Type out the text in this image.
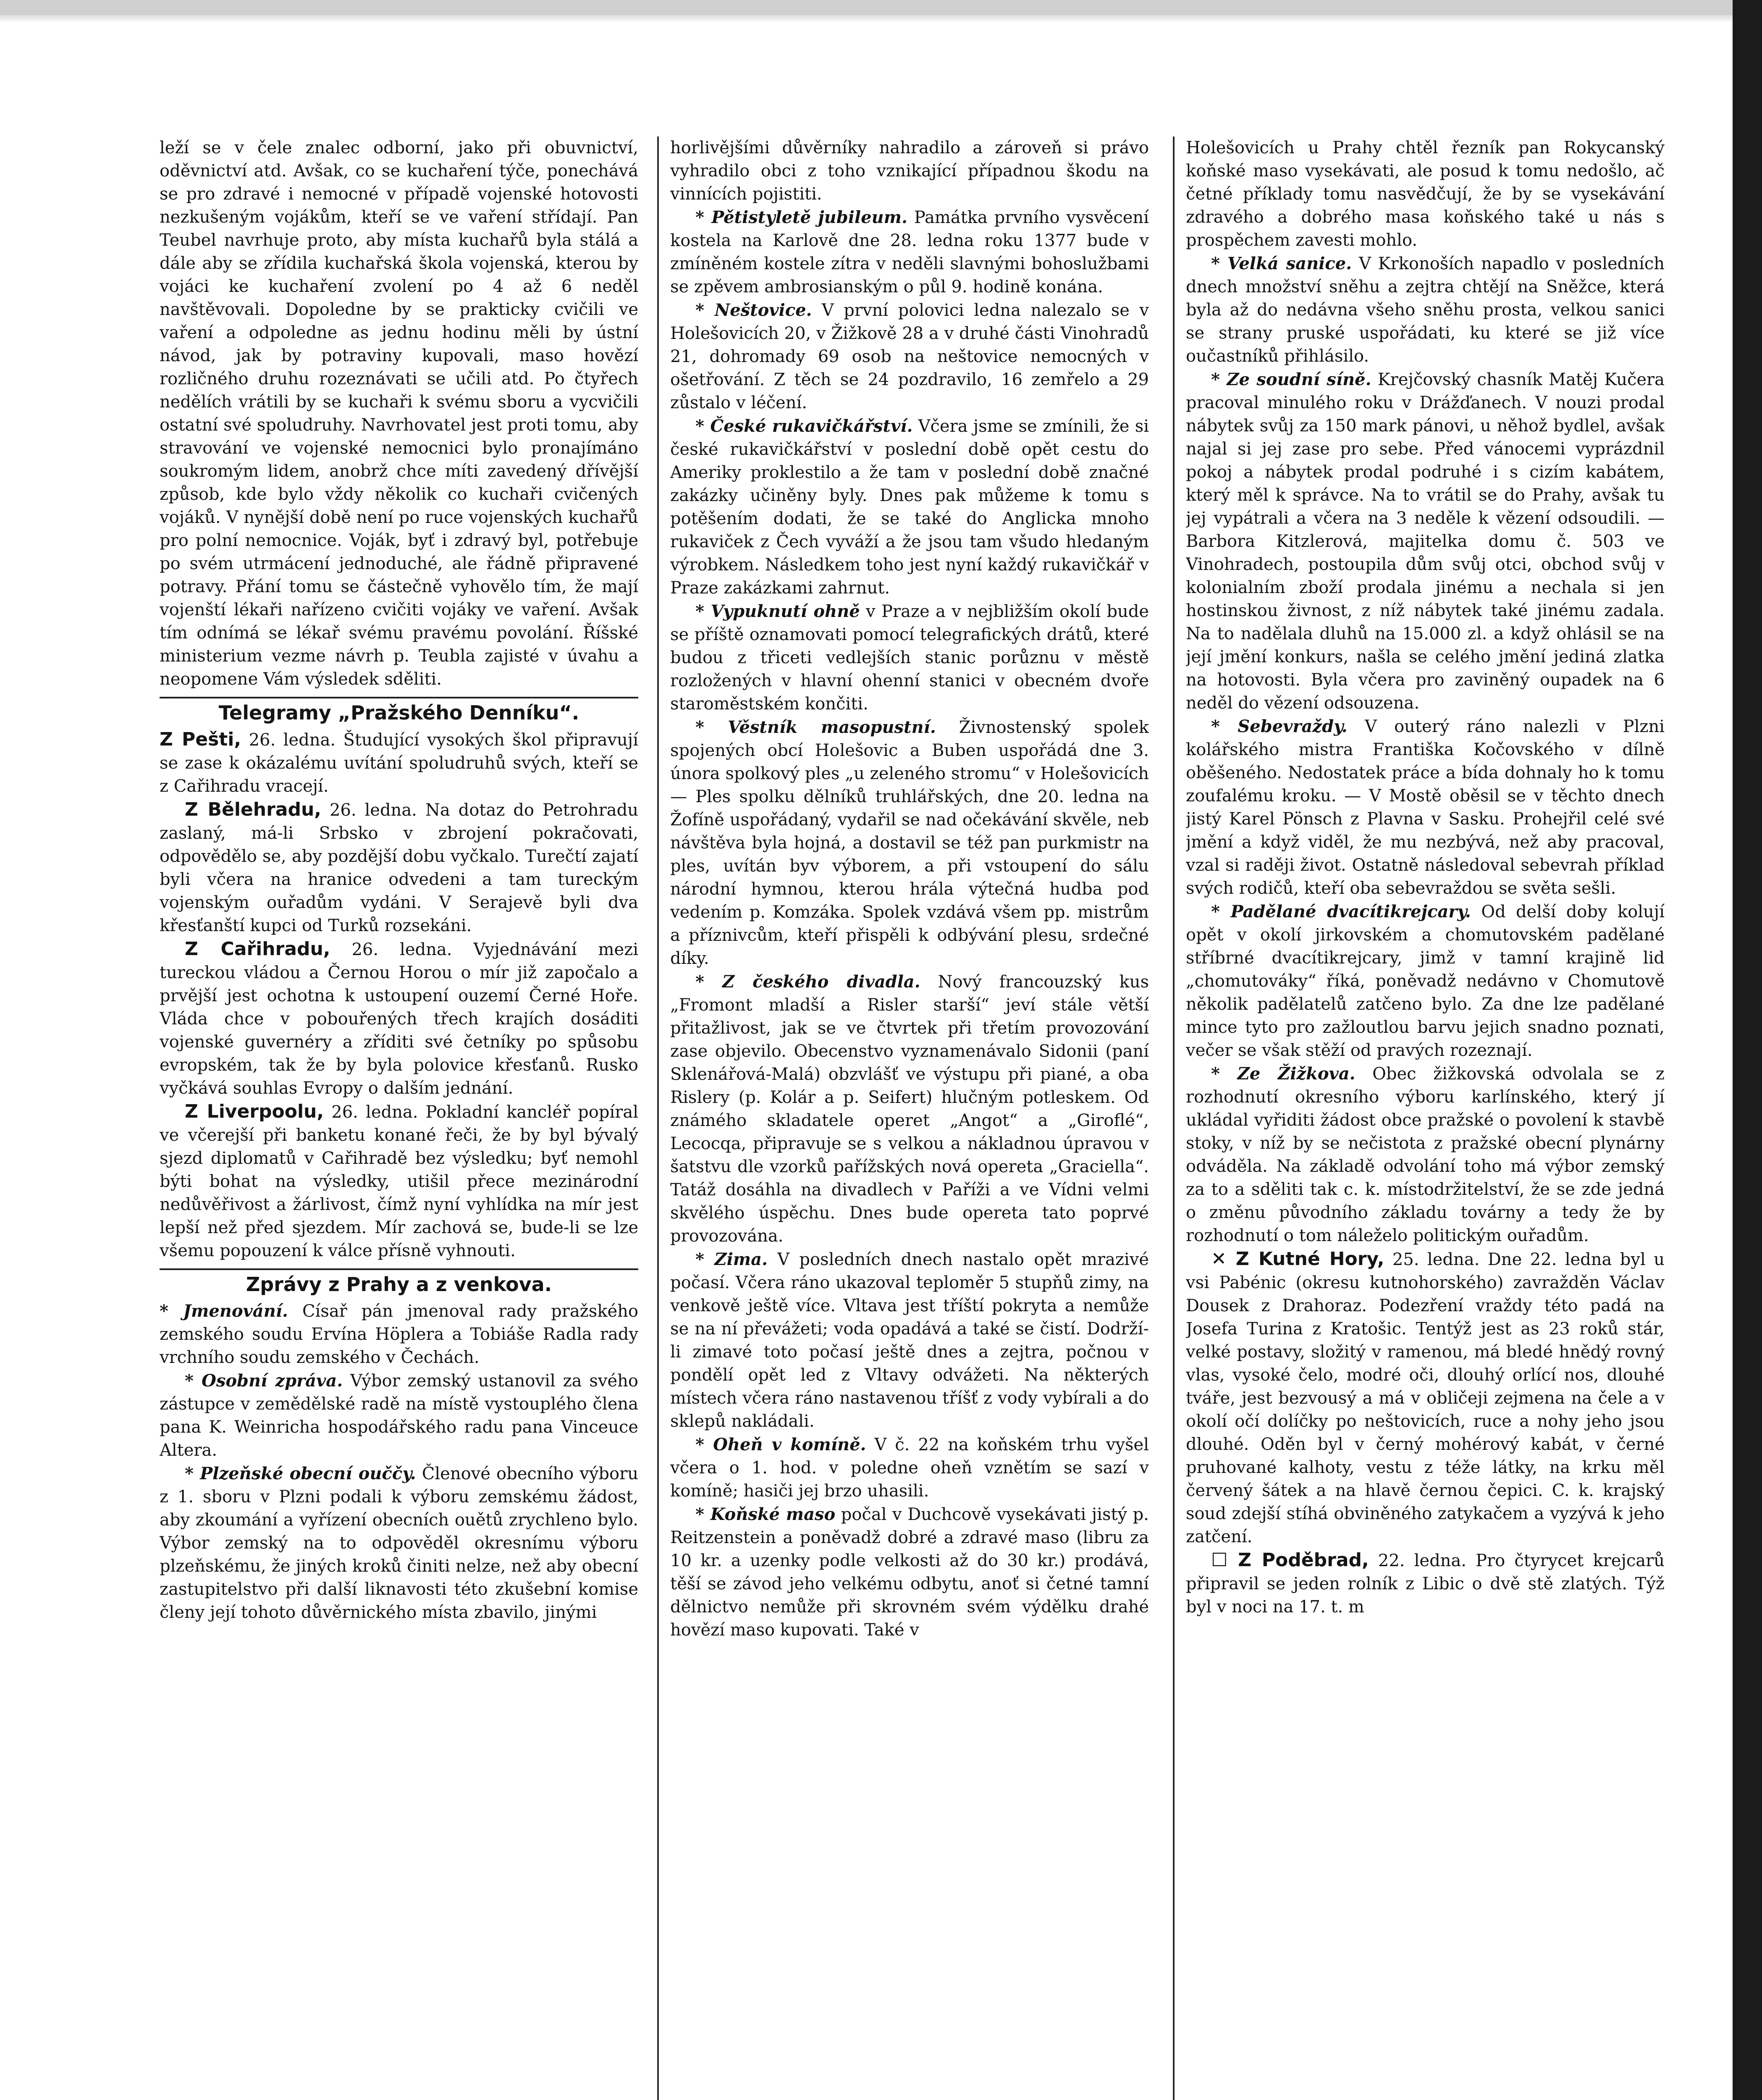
leží se v čele znalec odborní, jako při obuvnictví, oděvnictví atd. Avšak, co se kuchaření týče, ponechává se pro zdravé i nemocné v případě vojenské hotovosti nezkušeným vojákům, kteří se ve vaření střídají. Pan Teubel navrhuje proto, aby místa kuchařů byla stálá a dále aby se zřídila kuchařská škola vojenská, kterou by vojáci ke kuchaření zvolení po 4 až 6 neděl navštěvovali. Dopoledne by se prakticky cvičili ve vaření a odpoledne as jednu hodinu měli by ústní návod, jak by potraviny kupovali, maso hovězí rozličného druhu rozeznávati se učili atd. Po čtyřech nedělích vrátili by se kuchaři k svému sboru a vycvičili ostatní své spoludruhy. Navrhovatel jest proti tomu, aby stravování ve vojenské nemocnici bylo pronajímáno soukromým lidem, anobrž chce míti zavedený dřívější způsob, kde bylo vždy několik co kuchaři cvičených vojáků. V nynější době není po ruce vojenských kuchařů pro polní nemocnice. Voják, byť i zdravý byl, potřebuje po svém utrmácení jednoduché, ale řádně připravené potravy. Přání tomu se částečně vyhovělo tím, že mají vojenští lékaři nařízeno cvičiti vojáky ve vaření. Avšak tím odnímá se lékař svému pravému povolání. Říšské ministerium vezme návrh p. Teubla zajisté v úvahu a neopomene Vám výsledek sděliti.

Telegramy „Pražského Denníku“.

Z Pešti, 26. ledna. Študující vysokých škol připravují se zase k okázalému uvítání spoludruhů svých, kteří se z Cařihradu vracejí.

Z Bělehradu, 26. ledna. Na dotaz do Petrohradu zaslaný, má-li Srbsko v zbrojení pokračovati, odpovědělo se, aby pozdější dobu vyčkalo. Turečtí zajatí byli včera na hranice odvedeni a tam tureckým vojenským ouřadům vydáni. V Serajevě byli dva křesťanští kupci od Turků rozsekáni.

Z Cařihradu, 26. ledna. Vyjednávání mezi tureckou vládou a Černou Horou o mír již započalo a prvější jest ochotna k ustoupení ouzemí Černé Hoře. Vláda chce v pobouřených třech krajích dosáditi vojenské guvernéry a zříditi své četníky po spůsobu evropském, tak že by byla polovice křesťanů. Rusko vyčkává souhlas Evropy o dalším jednání.

Z Liverpoolu, 26. ledna. Pokladní kancléř popíral ve včerejší při banketu konané řeči, že by byl bývalý sjezd diplomatů v Cařihradě bez výsledku; byť nemohl býti bohat na výsledky, utišil přece mezinárodní nedůvěřivost a žárlivost, čímž nyní vyhlídka na mír jest lepší než před sjezdem. Mír zachová se, bude-li se lze všemu popouzení k válce přísně vyhnouti.

Zprávy z Prahy a z venkova.

* Jmenování. Císař pán jmenoval rady pražského zemského soudu Ervína Höplera a Tobiáše Radla rady vrchního soudu zemského v Čechách.

* Osobní zpráva. Výbor zemský ustanovil za svého zástupce v zemědělské radě na místě vystouplého člena pana K. Weinricha hospodářského radu pana Vinceuce Altera.

* Plzeňské obecní ouččy. Členové obecního výboru z 1. sboru v Plzni podali k výboru zemskému žádost, aby zkoumání a vyřízení obecních ouětů zrychleno bylo. Výbor zemský na to odpověděl okresnímu výboru plzeňskému, že jiných kroků činiti nelze, než aby obecní zastupitelstvo při další liknavosti této zkušební komise členy její tohoto důvěrnického místa zbavilo, jinými

horlivějšími důvěrníky nahradilo a zároveň si právo vyhradilo obci z toho vznikající případnou škodu na vinnících pojistiti.

* Pětistyletě jubileum. Památka prvního vysvěcení kostela na Karlově dne 28. ledna roku 1377 bude v zmíněném kostele zítra v neděli slavnými bohoslužbami se zpěvem ambrosianským o půl 9. hodině konána.

* Neštovice. V první polovici ledna nalezalo se v Holešovicích 20, v Žižkově 28 a v druhé části Vinohradů 21, dohromady 69 osob na neštovice nemocných v ošetřování. Z těch se 24 pozdravilo, 16 zemřelo a 29 zůstalo v léčení.

* České rukavičkářství. Včera jsme se zmínili, že si české rukavičkářství v poslední době opět cestu do Ameriky proklestilo a že tam v poslední době značné zakázky učiněny byly. Dnes pak můžeme k tomu s potěšením dodati, že se také do Anglicka mnoho rukaviček z Čech vyváží a že jsou tam všudo hledaným výrobkem. Následkem toho jest nyní každý rukavičkář v Praze zakázkami zahrnut.

* Vypuknutí ohně v Praze a v nejbližším okolí bude se příště oznamovati pomocí telegrafických drátů, které budou z třiceti vedlejších stanic porůznu v městě rozložených v hlavní ohenní stanici v obecném dvoře staroměstském končiti.

* Věstník masopustní. Živnostenský spolek spojených obcí Holešovic a Buben uspořádá dne 3. února spolkový ples „u zeleného stromu“ v Holešovicích — Ples spolku dělníků truhlářských, dne 20. ledna na Žofíně uspořádaný, vydařil se nad očekávání skvěle, neb návštěva byla hojná, a dostavil se též pan purkmistr na ples, uvítán byv výborem, a při vstoupení do sálu národní hymnou, kterou hrála výtečná hudba pod vedením p. Komzáka. Spolek vzdává všem pp. mistrům a příznivcům, kteří přispěli k odbývání plesu, srdečné díky.

* Z českého divadla. Nový francouzský kus „Fromont mladší a Risler starší“ jeví stále větší přitažlivost, jak se ve čtvrtek při třetím provozování zase objevilo. Obecenstvo vyznamenávalo Sidonii (paní Sklenářová-Malá) obzvlášť ve výstupu při piané, a oba Rislery (p. Kolár a p. Seifert) hlučným potleskem. Od známého skladatele operet „Angot“ a „Giroflé“, Lecocqa, připravuje se s velkou a nákladnou úpravou v šatstvu dle vzorků pařížských nová opereta „Graciella“. Tatáž dosáhla na divadlech v Paříži a ve Vídni velmi skvělého úspěchu. Dnes bude opereta tato poprvé provozována.

* Zima. V posledních dnech nastalo opět mrazivé počasí. Včera ráno ukazoval teploměr 5 stupňů zimy, na venkově ještě více. Vltava jest tříští pokryta a nemůže se na ní převážeti; voda opadává a také se čistí. Dodrží-li zimavé toto počasí ještě dnes a zejtra, počnou v pondělí opět led z Vltavy odvážeti. Na některých místech včera ráno nastavenou tříšť z vody vybírali a do sklepů nakládali.

* Oheň v komíně. V č. 22 na koňském trhu vyšel včera o 1. hod. v poledne oheň vznětím se sazí v komíně; hasiči jej brzo uhasili.

* Koňské maso počal v Duchcově vysekávati jistý p. Reitzenstein a poněvadž dobré a zdravé maso (libru za 10 kr. a uzenky podle velkosti až do 30 kr.) prodává, těší se závod jeho velkému odbytu, anoť si četné tamní dělnictvo nemůže při skrovném svém výdělku drahé hovězí maso kupovati. Také v

Holešovicích u Prahy chtěl řezník pan Rokycanský koňské maso vysekávati, ale posud k tomu nedošlo, ač četné příklady tomu nasvědčují, že by se vysekávání zdravého a dobrého masa koňského také u nás s prospěchem zavesti mohlo.

* Velká sanice. V Krkonoších napadlo v posledních dnech množství sněhu a zejtra chtějí na Sněžce, která byla až do nedávna všeho sněhu prosta, velkou sanici se strany pruské uspořádati, ku které se již více oučastníků přihlásilo.

* Ze soudní síně. Krejčovský chasník Matěj Kučera pracoval minulého roku v Drážďanech. V nouzi prodal nábytek svůj za 150 mark pánovi, u něhož bydlel, avšak najal si jej zase pro sebe. Před vánocemi vyprázdnil pokoj a nábytek prodal podruhé i s cizím kabátem, který měl k správce. Na to vrátil se do Prahy, avšak tu jej vypátrali a včera na 3 neděle k vězení odsoudili. — Barbora Kitzlerová, majitelka domu č. 503 ve Vinohradech, postoupila dům svůj otci, obchod svůj v kolonialním zboží prodala jinému a nechala si jen hostinskou živnost, z níž nábytek také jinému zadala. Na to nadělala dluhů na 15.000 zl. a když ohlásil se na její jmění konkurs, našla se celého jmění jediná zlatka na hotovosti. Byla včera pro zaviněný oupadek na 6 neděl do vězení odsouzena.

* Sebevraždy. V outerý ráno nalezli v Plzni kolářského mistra Františka Kočovského v dílně oběšeného. Nedostatek práce a bída dohnaly ho k tomu zoufalému kroku. — V Mostě oběsil se v těchto dnech jistý Karel Pönsch z Plavna v Sasku. Prohejřil celé své jmění a když viděl, že mu nezbývá, než aby pracoval, vzal si raději život. Ostatně následoval sebevrah příklad svých rodičů, kteří oba sebevraždou se světa sešli.

* Padělané dvacítikrejcary. Od delší doby kolují opět v okolí jirkovském a chomutovském padělané stříbrné dvacítikrejcary, jimž v tamní krajině lid „chomutováky“ říká, poněvadž nedávno v Chomutově několik padělatelů zatčeno bylo. Za dne lze padělané mince tyto pro zažloutlou barvu jejich snadno poznati, večer se však stěží od pravých rozeznají.

* Ze Žižkova. Obec žižkovská odvolala se z rozhodnutí okresního výboru karlínského, který jí ukládal vyřiditi žádost obce pražské o povolení k stavbě stoky, v níž by se nečistota z pražské obecní plynárny odváděla. Na základě odvolání toho má výbor zemský za to a sděliti tak c. k. místodržitelství, že se zde jedná o změnu původního základu továrny a tedy že by rozhodnutí o tom náleželo politickým ouřadům.

✕ Z Kutné Hory, 25. ledna. Dne 22. ledna byl u vsi Pabénic (okresu kutnohorského) zavražděn Václav Dousek z Drahoraz. Podezření vraždy této padá na Josefa Turina z Kratošic. Tentýž jest as 23 roků stár, velké postavy, složitý v ramenou, má bledé hnědý rovný vlas, vysoké čelo, modré oči, dlouhý orlící nos, dlouhé tváře, jest bezvousý a má v obličeji zejmena na čele a v okolí očí dolíčky po neštovicích, ruce a nohy jeho jsou dlouhé. Oděn byl v černý mohérový kabát, v černé pruhované kalhoty, vestu z téže látky, na krku měl červený šátek a na hlavě černou čepici. C. k. krajský soud zdejší stíhá obviněného zatykačem a vyzývá k jeho zatčení.

☐ Z Poděbrad, 22. ledna. Pro čtyrycet krejcarů připravil se jeden rolník z Libic o dvě stě zlatých. Týž byl v noci na 17. t. m
